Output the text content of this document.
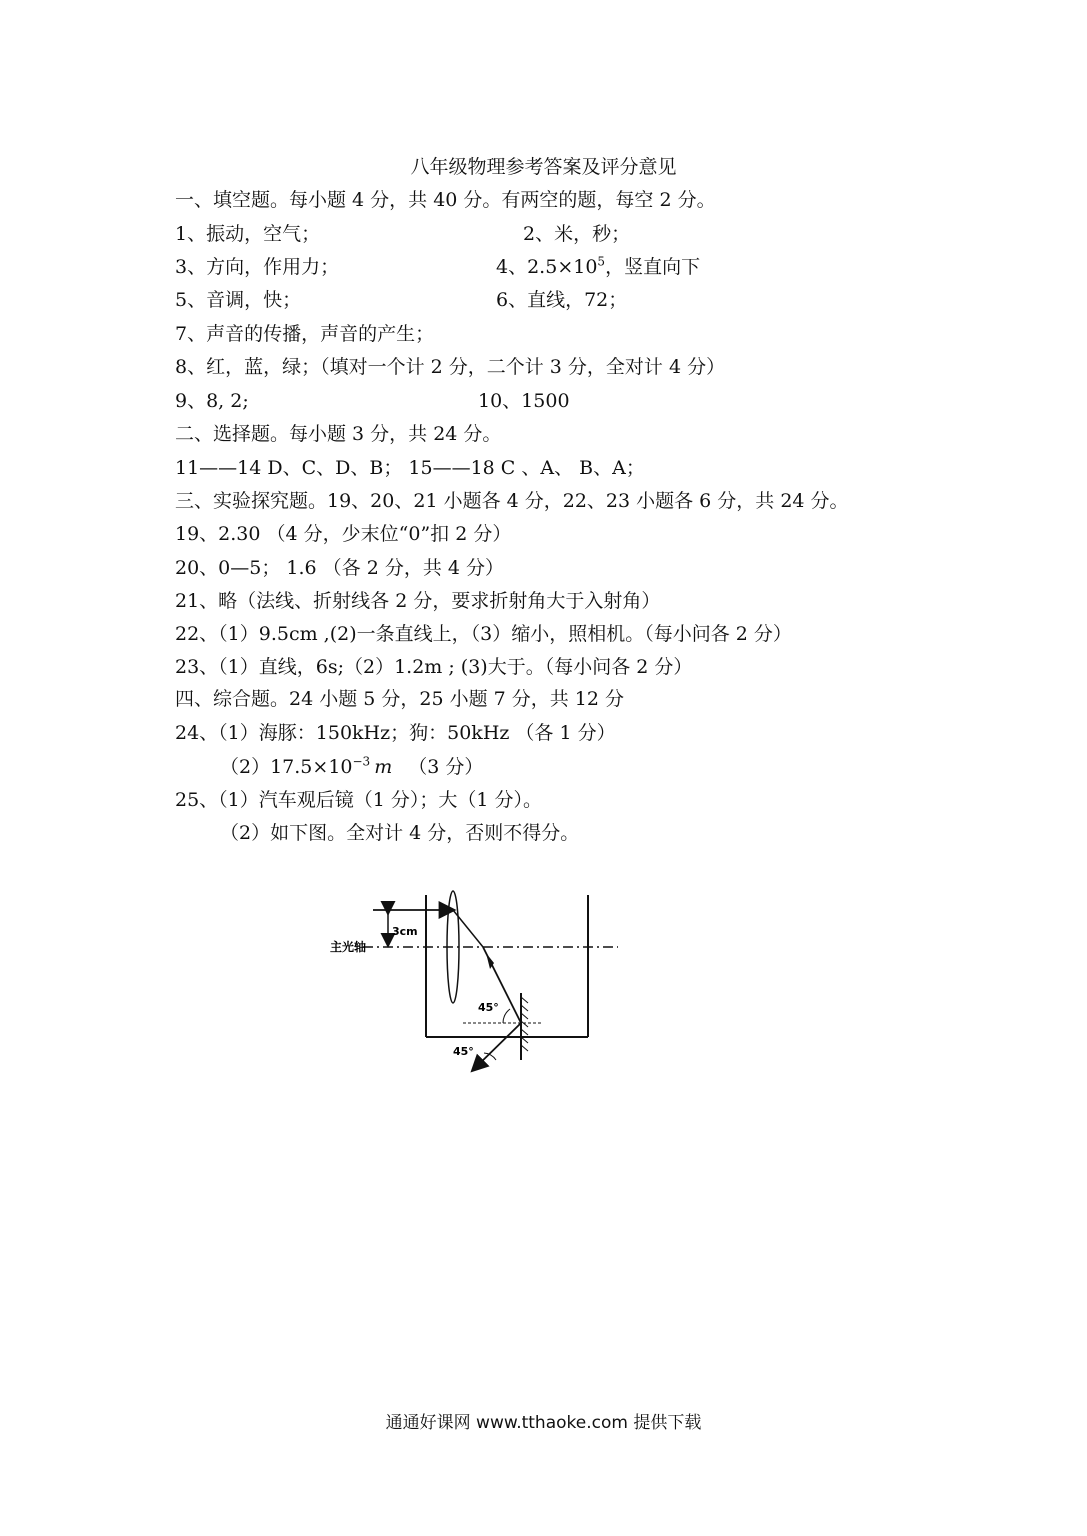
八年级物理参考答案及评分意见
一、填空题。每小题 4 分，共 40 分。有两空的题，每空 2 分。
1、振动，空气；	2、米，秒；
3、方向，作用力；	4、$2.5\times 10^5$，竖直向下
5、音调，快；	6、直线，72；
7、声音的传播，声音的产生；
8、红，蓝，绿；（填对一个计 2 分，二个计 3 分，全对计 4 分）
9、8, 2;	10、1500
二、选择题。每小题 3 分，共 24 分。
11——14 D、C、D、B； 15——18 C 、A、 B、A；
三、实验探究题。19、20、21 小题各 4 分，22、23 小题各 6 分，共 24 分。
19、2.30 （4 分，少末位“0”扣 2 分）
20、0—5； 1.6 （各 2 分，共 4 分）
21、略（法线、折射线各 2 分，要求折射角大于入射角）
22、（1）9.5cm ,(2)一条直线上，（3）缩小，照相机。（每小问各 2 分）
23、（1）直线，6s;（2）1.2m ; (3)大于。（每小问各 2 分）
四、综合题。24 小题 5 分，25 小题 7 分，共 12 分
24、（1）海豚：150kHz；狗：50kHz （各 1 分）
$(2)17.5\times 10^{-3}$ m （3 分）
25、（1）汽车观后镜（1 分）；大（1 分）。
（2）如下图。全对计 4 分，否则不得分。
3cm
主光轴
45°
45°
通通好课网 www.tthaoke.com 提供下载
